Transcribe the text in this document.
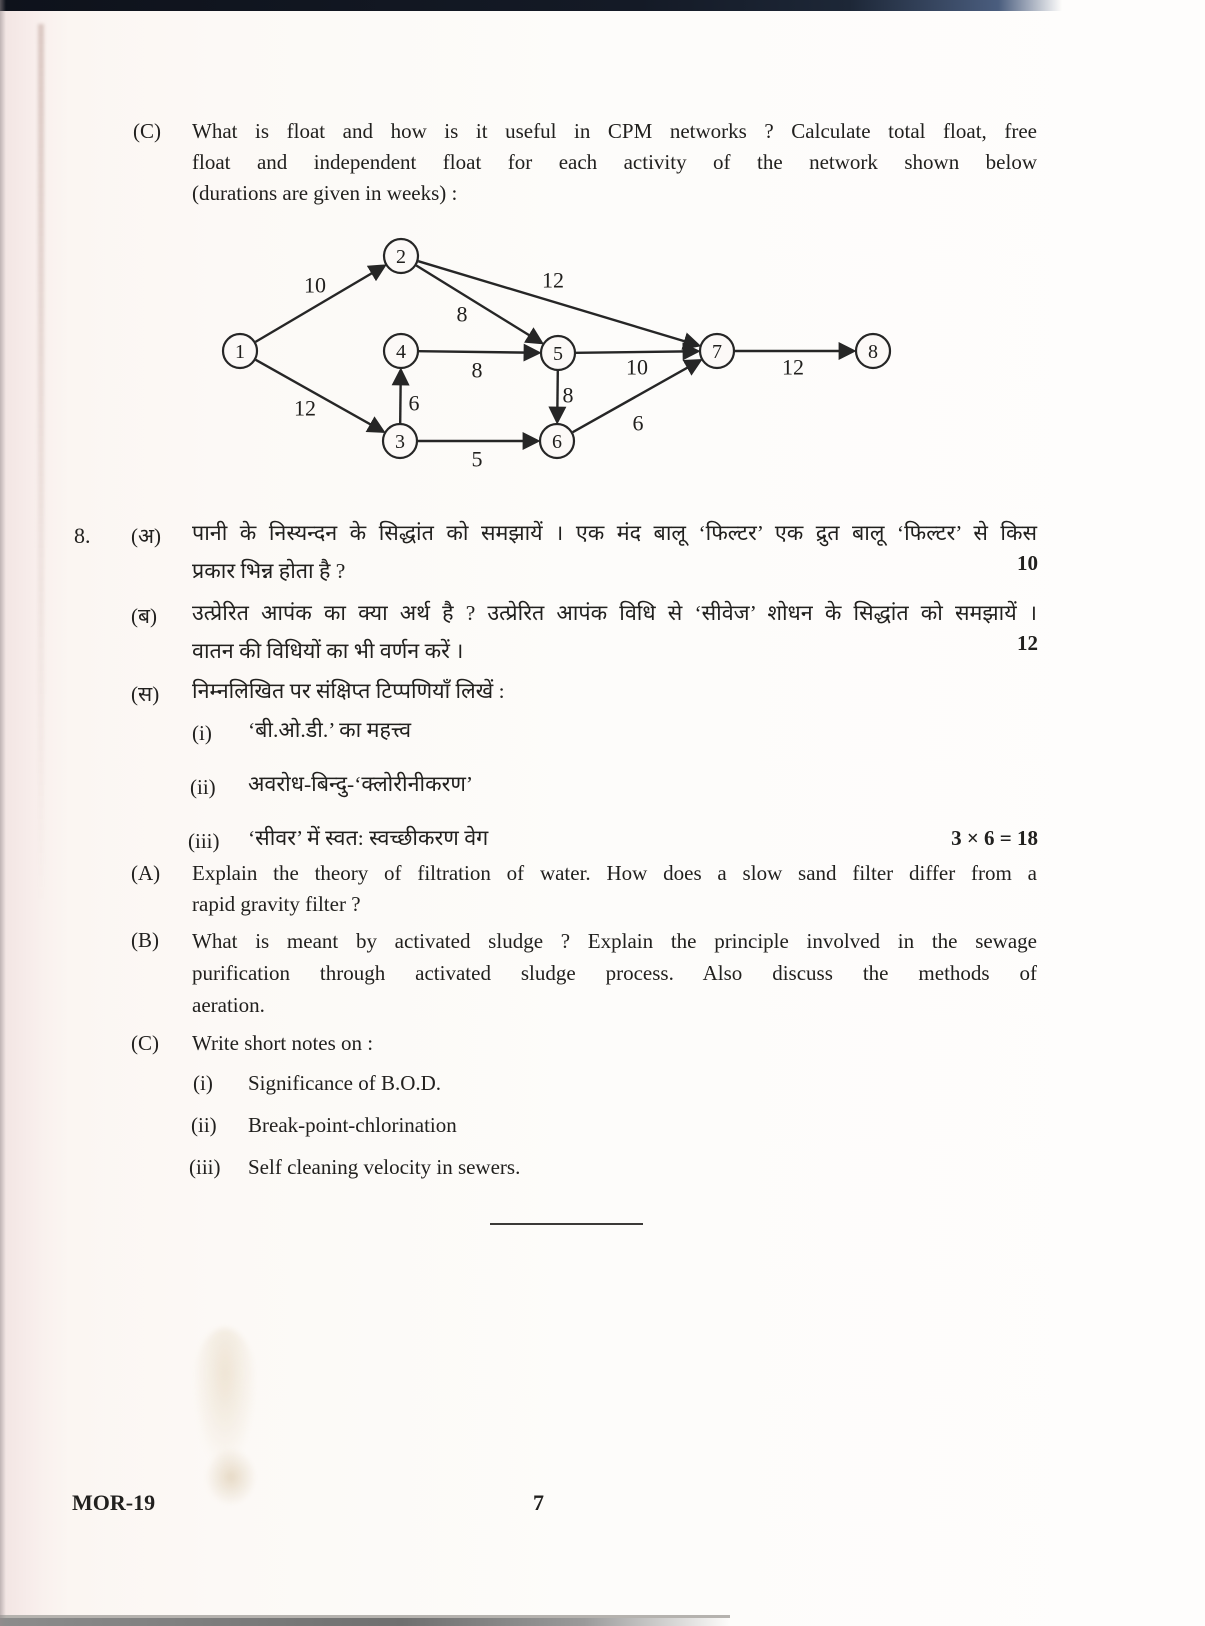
(C) What is float and how is it useful in CPM networks ? Calculate total float, free
float and independent float for each activity of the network shown below
(durations are given in weeks) :
10
12
8
12
6
5
8
8
10
6
12
1
2
3
4	5
6
7	8
8. (अ) पानी के निस्यन्दन के सिद्धांत को समझायें । एक मंद बालू ‘फिल्टर’ एक द्रुत बालू ‘फिल्टर’ से किस
प्रकार भिन्न होता है ?	10
(ब) उत्प्रेरित आपंक का क्या अर्थ है ? उत्प्रेरित आपंक विधि से ‘सीवेज’ शोधन के सिद्धांत को समझायें ।
वातन की विधियों का भी वर्णन करें ।	12
(स) निम्नलिखित पर संक्षिप्त टिप्पणियाँ लिखें :
(i) ‘बी.ओ.डी.’ का महत्त्व
(ii) अवरोध-बिन्दु-‘क्लोरीनीकरण’
(iii) ‘सीवर’ में स्वत: स्वच्छीकरण वेग	3 × 6 = 18
(A) Explain the theory of filtration of water. How does a slow sand filter differ from a
rapid gravity filter ?
(B) What is meant by activated sludge ? Explain the principle involved in the sewage
purification through activated sludge process. Also discuss the methods of
aeration.
(C) Write short notes on :
(i) Significance of B.O.D.
(ii) Break-point-chlorination
(iii) Self cleaning velocity in sewers.
MOR-19	7
